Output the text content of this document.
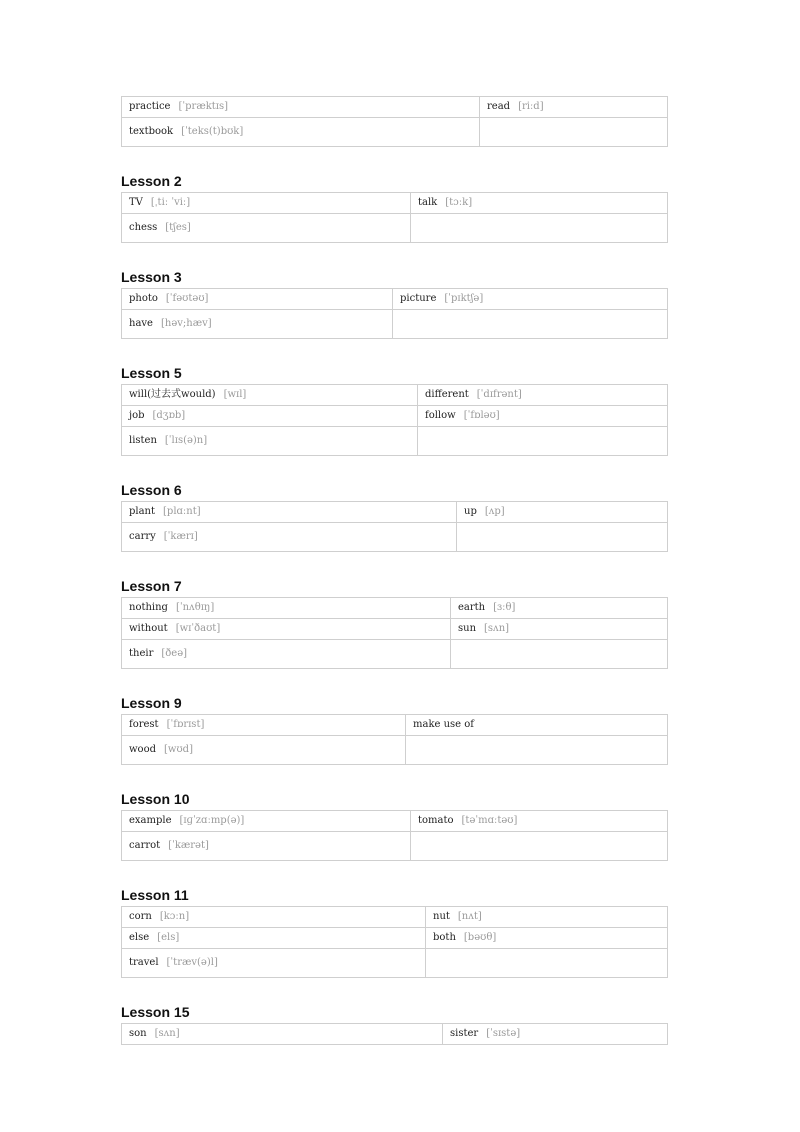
practice [ˈpræktɪs]	read [riːd]
textbook [ˈteks(t)bʊk]	
Lesson 2
TV [ˌtiː ˈviː]	talk [tɔːk]
chess [tʃes]	
Lesson 3
photo [ˈfəʊtəʊ]	picture [ˈpɪktʃə]
have [həv;hæv]	
Lesson 5
will(过去式would) [wɪl]	different [ˈdɪfrənt]
job [dʒɒb]	follow [ˈfɒləʊ]
listen [ˈlɪs(ə)n]	
Lesson 6
plant [plɑːnt]	up [ʌp]
carry [ˈkærɪ]	
Lesson 7
nothing [ˈnʌθɪŋ]	earth [ɜːθ]
without [wɪˈðaʊt]	sun [sʌn]
their [ðeə]	
Lesson 9
forest [ˈfɒrɪst]	make use of
wood [wʊd]	
Lesson 10
example [ɪɡˈzɑːmp(ə)]	tomato [təˈmɑːtəʊ]
carrot [ˈkærət]	
Lesson 11
corn [kɔːn]	nut [nʌt]
else [els]	both [bəʊθ]
travel [ˈtræv(ə)l]	
Lesson 15
son [sʌn]	sister [ˈsɪstə]
